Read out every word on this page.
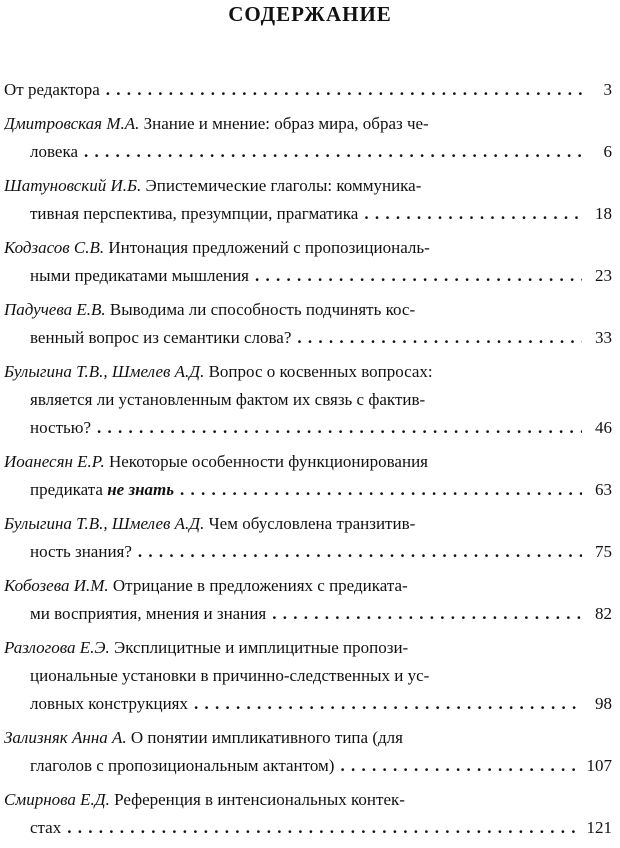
СОДЕРЖАНИЕ
От редактора . . .	3
Дмитровская М.А. Знание и мнение: образ мира, образ че-
ловека . . .	6
Шатуновский И.Б. Эпистемические глаголы: коммуника-
тивная перспектива, презумпции, прагматика . . .	18
Кодзасов С.В. Интонация предложений с пропозициональ-
ными предикатами мышления . . .	23
Падучева Е.В. Выводима ли способность подчинять кос-
венный вопрос из семантики слова? . . .	33
Булыгина Т.В., Шмелев А.Д. Вопрос о косвенных вопросах:
является ли установленным фактом их связь с фактив-
ностью? . . .	46
Иоанесян Е.Р. Некоторые особенности функционирования
предиката не знать . . .	63
Булыгина Т.В., Шмелев А.Д. Чем обусловлена транзитив-
ность знания? . . .	75
Кобозева И.М. Отрицание в предложениях с предиката-
ми восприятия, мнения и знания . . .	82
Разлогова Е.Э. Эксплицитные и имплицитные пропози-
циональные установки в причинно-следственных и ус-
ловных конструкциях . . .	98
Зализняк Анна А. О понятии импликативного типа (для
глаголов с пропозициональным актантом) . . .	107
Смирнова Е.Д. Референция в интенсиональных контек-
стах . . .	121
